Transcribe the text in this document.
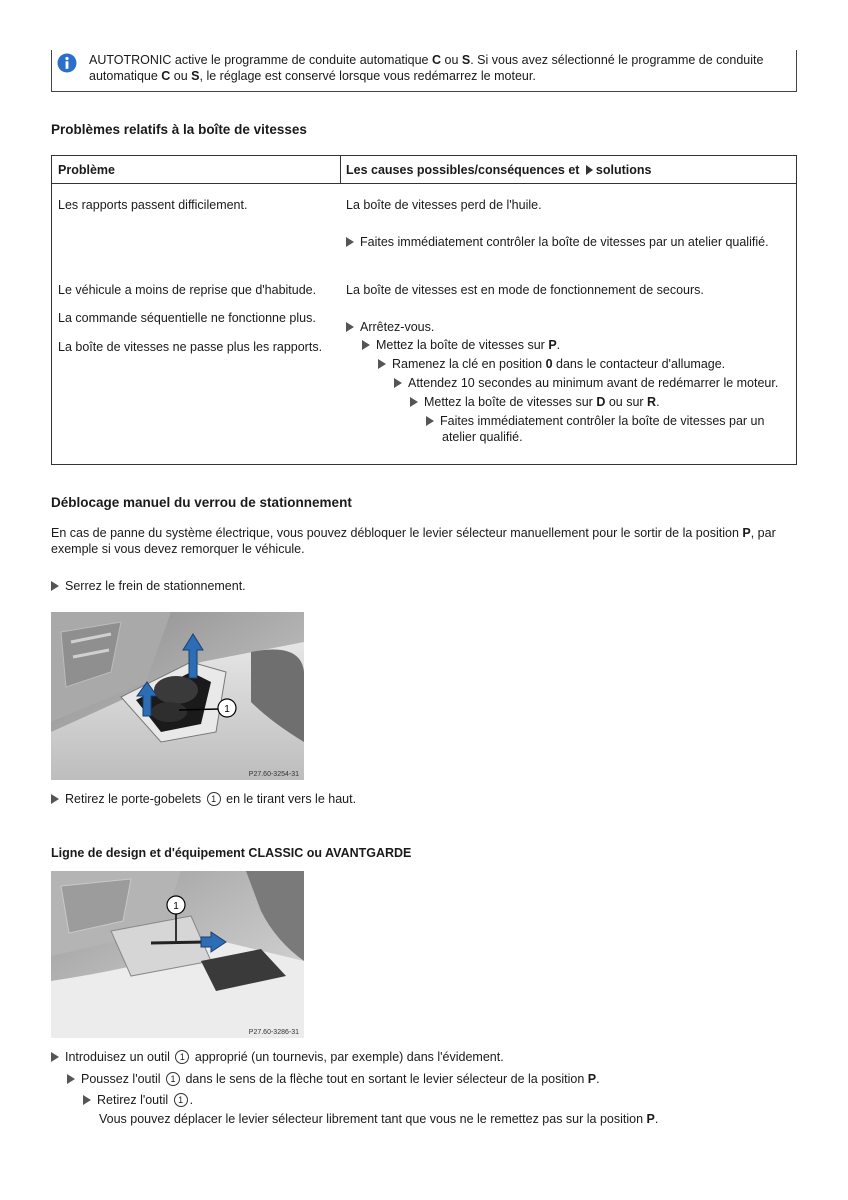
AUTOTRONIC active le programme de conduite automatique C ou S. Si vous avez sélectionné le programme de conduite
automatique C ou S, le réglage est conservé lorsque vous redémarrez le moteur.
Problèmes relatifs à la boîte de vitesses
Problème	Les causes possibles/conséquences et solutions
Les rapports passent difficilement.	La boîte de vitesses perd de l'huile.
Faites immédiatement contrôler la boîte de vitesses par un atelier qualifié.
Le véhicule a moins de reprise que d'habitude.
La commande séquentielle ne fonctionne plus.
La boîte de vitesses ne passe plus les rapports.
La boîte de vitesses est en mode de fonctionnement de secours.
Arrêtez-vous.
Mettez la boîte de vitesses sur P.
Ramenez la clé en position 0 dans le contacteur d'allumage.
Attendez 10 secondes au minimum avant de redémarrer le moteur.
Mettez la boîte de vitesses sur D ou sur R.
Faites immédiatement contrôler la boîte de vitesses par un
atelier qualifié.
Déblocage manuel du verrou de stationnement
En cas de panne du système électrique, vous pouvez débloquer le levier sélecteur manuellement pour le sortir de la position P, par
exemple si vous devez remorquer le véhicule.
Serrez le frein de stationnement.
1
P27.60-3254-31
Retirez le porte-gobelets 1 en le tirant vers le haut.
Ligne de design et d'équipement CLASSIC ou AVANTGARDE
1
P27.60-3286-31
Introduisez un outil 1 approprié (un tournevis, par exemple) dans l'évidement.
Poussez l'outil 1 dans le sens de la flèche tout en sortant le levier sélecteur de la position P.
Retirez l'outil 1 .
Vous pouvez déplacer le levier sélecteur librement tant que vous ne le remettez pas sur la position P.
